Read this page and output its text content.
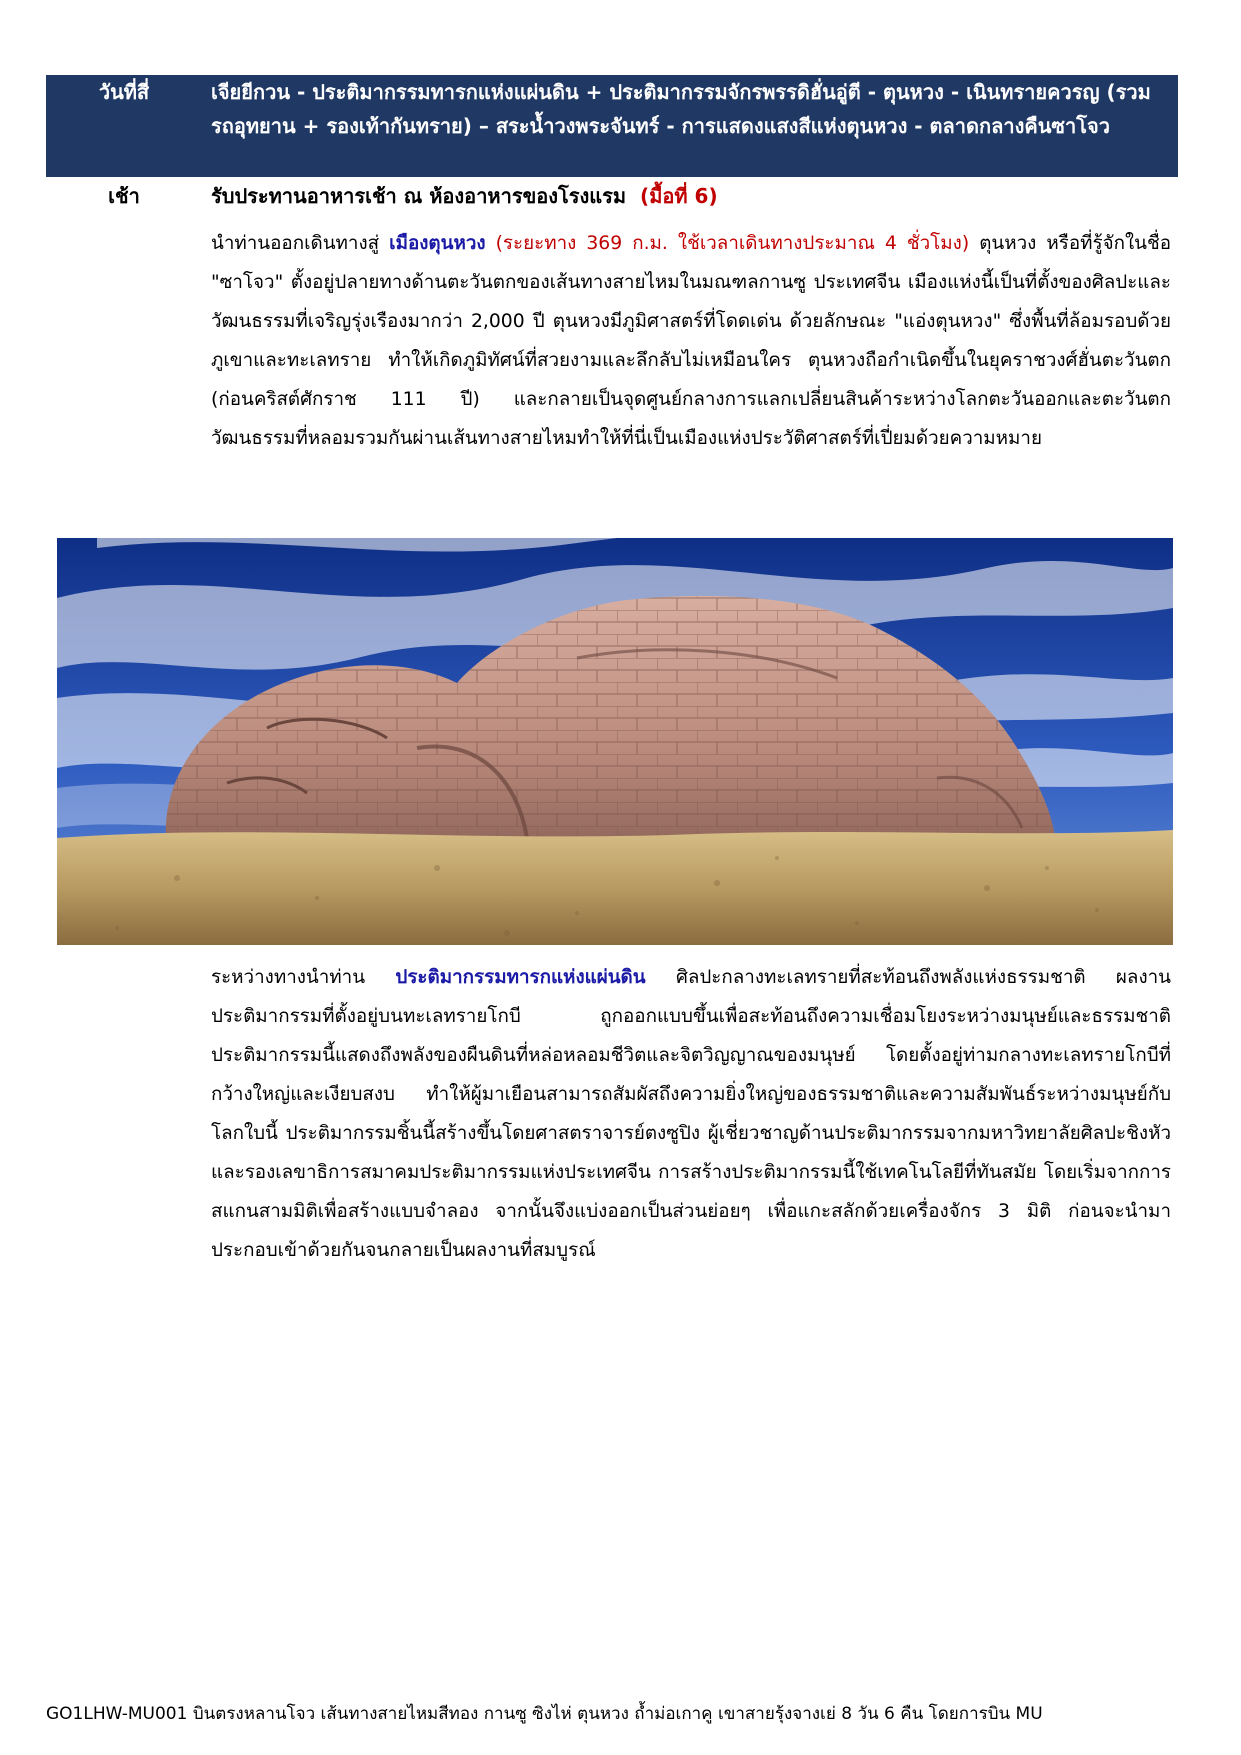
วันที่สี่	เจียยีกวน - ประติมากรรมทารกแห่งแผ่นดิน + ประติมากรรมจักรพรรดิฮั่นอู่ตี - ตุนหวง - เนินทรายควรญ (รวมรถอุทยาน + รองเท้ากันทราย) – สระน้ำวงพระจันทร์ - การแสดงแสงสีแห่งตุนหวง - ตลาดกลางคืนซาโจว
เช้า	รับประทานอาหารเช้า ณ ห้องอาหารของโรงแรม (มื้อที่ 6)

นำท่านออกเดินทางสู่ เมืองตุนหวง (ระยะทาง 369 ก.ม. ใช้เวลาเดินทางประมาณ 4 ชั่วโมง) ตุนหวง หรือที่รู้จักในชื่อ "ซาโจว" ตั้งอยู่ปลายทางด้านตะวันตกของเส้นทางสายไหมในมณฑลกานซู ประเทศจีน เมืองแห่งนี้เป็นที่ตั้งของศิลปะและวัฒนธรรมที่เจริญรุ่งเรืองมากว่า 2,000 ปี ตุนหวงมีภูมิศาสตร์ที่โดดเด่น ด้วยลักษณะ "แอ่งตุนหวง" ซึ่งพื้นที่ล้อมรอบด้วยภูเขาและทะเลทราย ทำให้เกิดภูมิทัศน์ที่สวยงามและลึกลับไม่เหมือนใคร ตุนหวงถือกำเนิดขึ้นในยุคราชวงศ์ฮั่นตะวันตก (ก่อนคริสต์ศักราช 111 ปี) และกลายเป็นจุดศูนย์กลางการแลกเปลี่ยนสินค้าระหว่างโลกตะวันออกและตะวันตก วัฒนธรรมที่หลอมรวมกันผ่านเส้นทางสายไหมทำให้ที่นี่เป็นเมืองแห่งประวัติศาสตร์ที่เปี่ยมด้วยความหมาย

ระหว่างทางนำท่าน ประติมากรรมทารกแห่งแผ่นดิน ศิลปะกลางทะเลทรายที่สะท้อนถึงพลังแห่งธรรมชาติ ผลงานประติมากรรมที่ตั้งอยู่บนทะเลทรายโกบี ถูกออกแบบขึ้นเพื่อสะท้อนถึงความเชื่อมโยงระหว่างมนุษย์และธรรมชาติ ประติมากรรมนี้แสดงถึงพลังของผืนดินที่หล่อหลอมชีวิตและจิตวิญญาณของมนุษย์ โดยตั้งอยู่ท่ามกลางทะเลทรายโกบีที่กว้างใหญ่และเงียบสงบ ทำให้ผู้มาเยือนสามารถสัมผัสถึงความยิ่งใหญ่ของธรรมชาติและความสัมพันธ์ระหว่างมนุษย์กับโลกใบนี้ ประติมากรรมชิ้นนี้สร้างขึ้นโดยศาสตราจารย์ตงซูปิง ผู้เชี่ยวชาญด้านประติมากรรมจากมหาวิทยาลัยศิลปะชิงหัว และรองเลขาธิการสมาคมประติมากรรมแห่งประเทศจีน การสร้างประติมากรรมนี้ใช้เทคโนโลยีที่ทันสมัย โดยเริ่มจากการสแกนสามมิติเพื่อสร้างแบบจำลอง จากนั้นจึงแบ่งออกเป็นส่วนย่อยๆ เพื่อแกะสลักด้วยเครื่องจักร 3 มิติ ก่อนจะนำมาประกอบเข้าด้วยกันจนกลายเป็นผลงานที่สมบูรณ์

GO1LHW-MU001 บินตรงหลานโจว เส้นทางสายไหมสีทอง กานซู ซิงไห่ ตุนหวง ถ้ำม่อเกาคู เขาสายรุ้งจางเย่ 8 วัน 6 คืน โดยการบิน MU
